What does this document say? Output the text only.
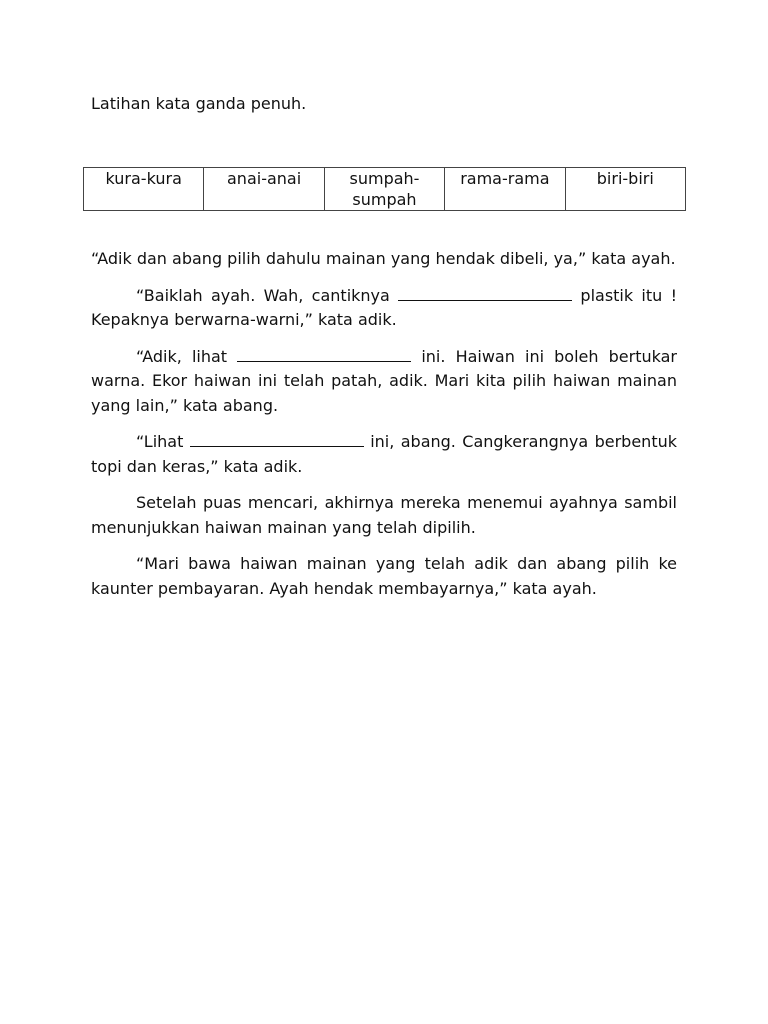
Latihan kata ganda penuh.
kura-kura	anai-anai	sumpah-sumpah	rama-rama	biri-biri

“Adik dan abang pilih dahulu mainan yang hendak dibeli, ya,” kata ayah.

“Baiklah ayah. Wah, cantiknya	plastik itu ! Kepaknya berwarna-warni,” kata adik.

“Adik, lihat	ini. Haiwan ini boleh bertukar warna. Ekor haiwan ini telah patah, adik. Mari kita pilih haiwan mainan yang lain,” kata abang.

“Lihat	ini, abang. Cangkerangnya berbentuk topi dan keras,” kata adik.

Setelah puas mencari, akhirnya mereka menemui ayahnya sambil menunjukkan haiwan mainan yang telah dipilih.

“Mari bawa haiwan mainan yang telah adik dan abang pilih ke kaunter pembayaran. Ayah hendak membayarnya,” kata ayah.
